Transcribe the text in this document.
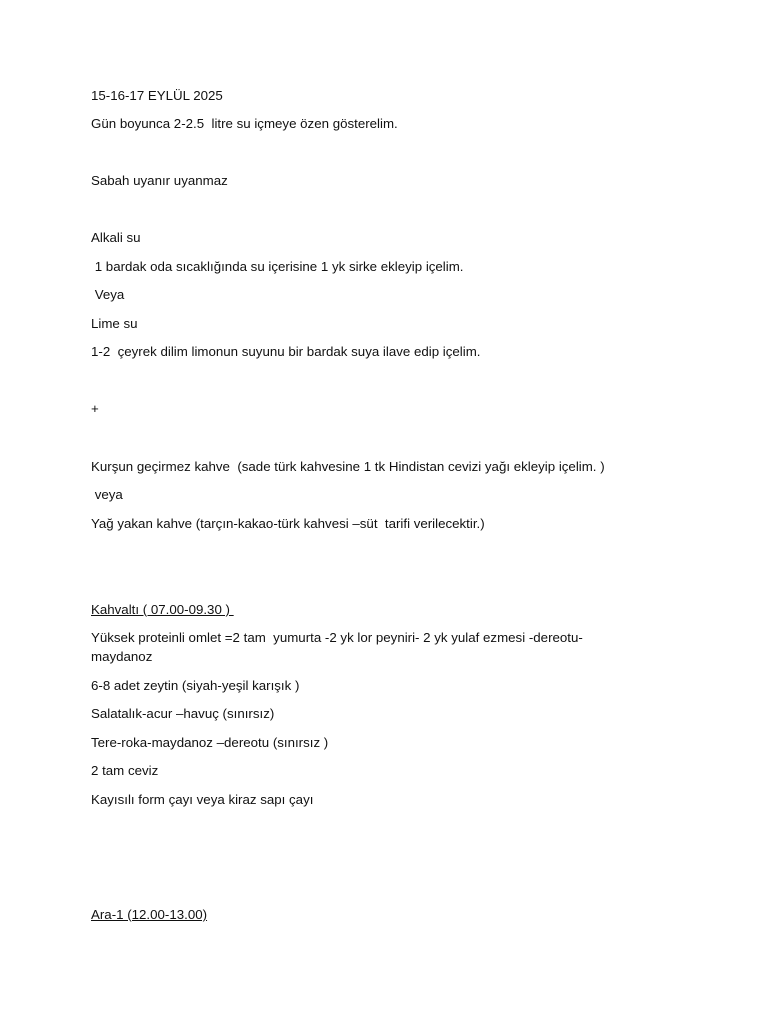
15-16-17 EYLÜL 2025
Gün boyunca 2-2.5  litre su içmeye özen gösterelim.
Sabah uyanır uyanmaz
Alkali su
1 bardak oda sıcaklığında su içerisine 1 yk sirke ekleyip içelim.
Veya
Lime su
1-2  çeyrek dilim limonun suyunu bir bardak suya ilave edip içelim.
+
Kurşun geçirmez kahve  (sade türk kahvesine 1 tk Hindistan cevizi yağı ekleyip içelim. )
veya
Yağ yakan kahve (tarçın-kakao-türk kahvesi –süt  tarifi verilecektir.)
Kahvaltı ( 07.00-09.30 )
Yüksek proteinli omlet =2 tam  yumurta -2 yk lor peyniri- 2 yk yulaf ezmesi -dereotu-maydanoz
6-8 adet zeytin (siyah-yeşil karışık )
Salatalık-acur –havuç (sınırsız)
Tere-roka-maydanoz –dereotu (sınırsız )
2 tam ceviz
Kayısılı form çayı veya kiraz sapı çayı
Ara-1 (12.00-13.00)
